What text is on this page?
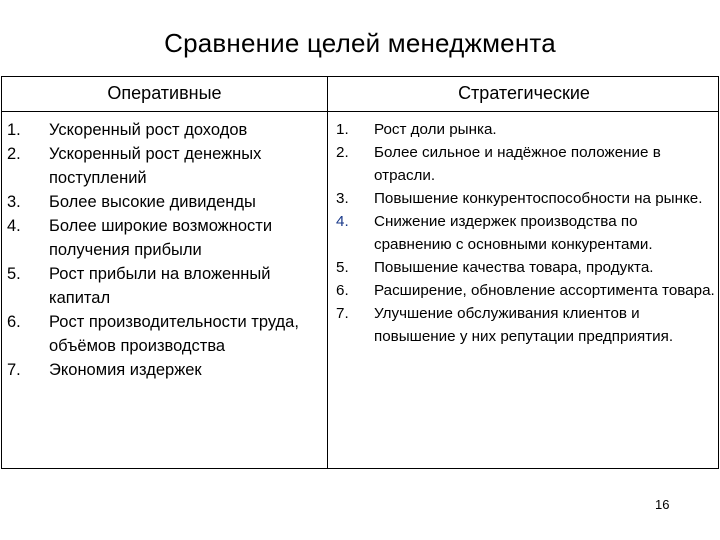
Сравнение целей менеджмента
Оперативные	Стратегические
1.	Ускоренный рост доходов
2.	Ускоренный рост денежных поступлений
3.	Более высокие дивиденды
4.	Более широкие возможности получения прибыли
5.	Рост прибыли на вложенный капитал
6.	Рост производительности труда, объёмов производства
7.	Экономия издержек
1.	Рост доли рынка.
2.	Более сильное и надёжное положение в отрасли.
3.	Повышение конкурентоспособности на рынке.
4.	Снижение издержек производства по сравнению с основными конкурентами.
5.	Повышение качества товара, продукта.
6.	Расширение, обновление ассортимента товара.
7.	Улучшение обслуживания клиентов и повышение у них репутации предприятия.
16
